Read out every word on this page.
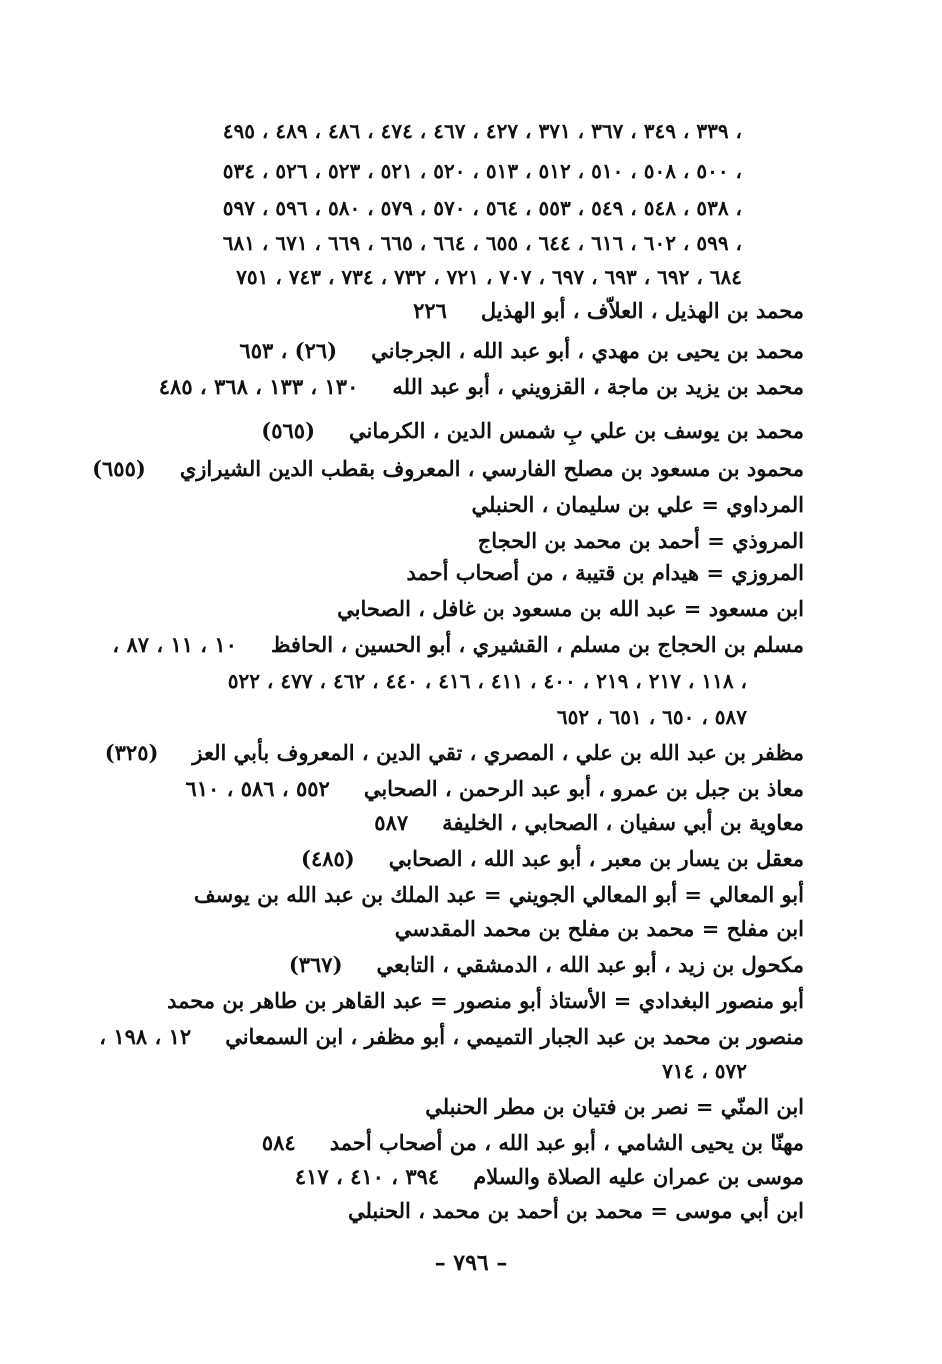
٣٣٩ ، ٣٤٩ ، ٣٦٧ ، ٣٧١ ، ٤٢٧ ، ٤٦٧ ، ٤٧٤ ، ٤٨٦ ، ٤٨٩ ، ٤٩٥ ،
٥٠٠ ، ٥٠٨ ، ٥١٠ ، ٥١٢ ، ٥١٣ ، ٥٢٠ ، ٥٢١ ، ٥٢٣ ، ٥٢٦ ، ٥٣٤ ،
٥٣٨ ، ٥٤٨ ، ٥٤٩ ، ٥٥٣ ، ٥٦٤ ، ٥٧٠ ، ٥٧٩ ، ٥٨٠ ، ٥٩٦ ، ٥٩٧ ،
٥٩٩ ، ٦٠٢ ، ٦١٦ ، ٦٤٤ ، ٦٥٥ ، ٦٦٤ ، ٦٦٥ ، ٦٦٩ ، ٦٧١ ، ٦٨١ ،
٦٨٤ ، ٦٩٢ ، ٦٩٣ ، ٦٩٧ ، ٧٠٧ ، ٧٢١ ، ٧٣٢ ، ٧٣٤ ، ٧٤٣ ، ٧٥١
محمد بن الهذيل ، العلاّف ، أبو الهذيل٢٢٦
محمد بن يحيى بن مهدي ، أبو عبد الله ، الجرجاني(٢٦) ، ٦٥٣
محمد بن يزيد بن ماجة ، القزويني ، أبو عبد الله١٣٠ ، ١٣٣ ، ٣٦٨ ، ٤٨٥
محمد بن يوسف بن علي بِ شمس الدين ، الكرماني(٥٦٥)
محمود بن مسعود بن مصلح الفارسي ، المعروف بقطب الدين الشيرازي(٦٥٥)
المرداوي = علي بن سليمان ، الحنبلي
المروذي = أحمد بن محمد بن الحجاج
المروزي = هيدام بن قتيبة ، من أصحاب أحمد
ابن مسعود = عبد الله بن مسعود بن غافل ، الصحابي
مسلم بن الحجاج بن مسلم ، القشيري ، أبو الحسين ، الحافظ١٠ ، ١١ ، ٨٧ ،
١١٨ ، ٢١٧ ، ٢١٩ ، ٤٠٠ ، ٤١١ ، ٤١٦ ، ٤٤٠ ، ٤٦٢ ، ٤٧٧ ، ٥٢٢ ،
٥٨٧ ، ٦٥٠ ، ٦٥١ ، ٦٥٢
مظفر بن عبد الله بن علي ، المصري ، تقي الدين ، المعروف بأبي العز(٣٢٥)
معاذ بن جبل بن عمرو ، أبو عبد الرحمن ، الصحابي٥٥٢ ، ٥٨٦ ، ٦١٠
معاوية بن أبي سفيان ، الصحابي ، الخليفة٥٨٧
معقل بن يسار بن معبر ، أبو عبد الله ، الصحابي(٤٨٥)
أبو المعالي = أبو المعالي الجويني = عبد الملك بن عبد الله بن يوسف
ابن مفلح = محمد بن مفلح بن محمد المقدسي
مكحول بن زيد ، أبو عبد الله ، الدمشقي ، التابعي(٣٦٧)
أبو منصور البغدادي = الأستاذ أبو منصور = عبد القاهر بن طاهر بن محمد
منصور بن محمد بن عبد الجبار التميمي ، أبو مظفر ، ابن السمعاني١٢ ، ١٩٨ ،
٥٧٢ ، ٧١٤
ابن المنّي = نصر بن فتيان بن مطر الحنبلي
مهنّا بن يحيى الشامي ، أبو عبد الله ، من أصحاب أحمد٥٨٤
موسى بن عمران عليه الصلاة والسلام٣٩٤ ، ٤١٠ ، ٤١٧
ابن أبي موسى = محمد بن أحمد بن محمد ، الحنبلي
– ٧٩٦ –
